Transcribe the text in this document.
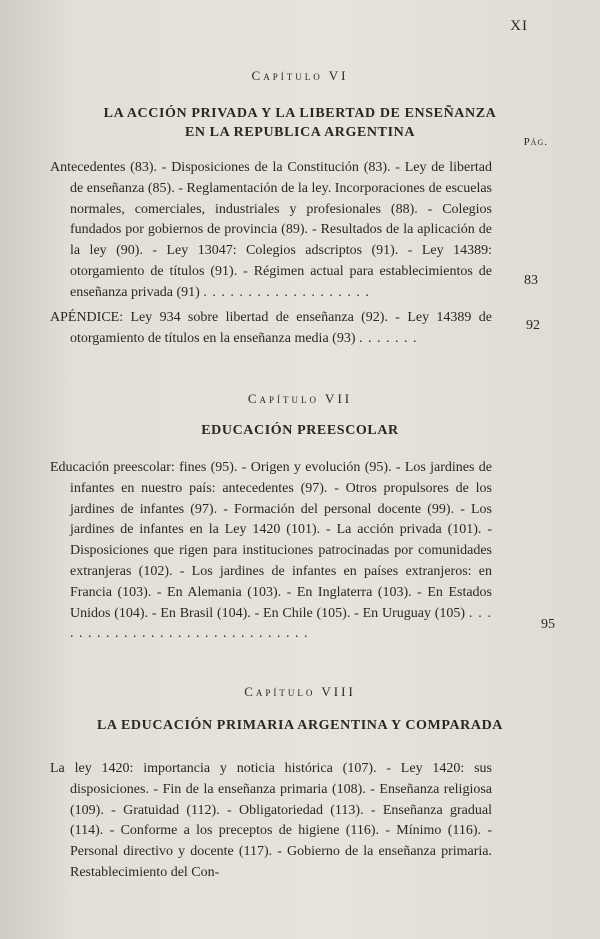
XI
Capítulo VI
LA ACCIÓN PRIVADA Y LA LIBERTAD DE ENSEÑANZA
EN LA REPUBLICA ARGENTINA
Pág.
Antecedentes (83). - Disposiciones de la Constitución (83). - Ley de libertad de enseñanza (85). - Reglamentación de la ley. Incorporaciones de escuelas normales, comerciales, industriales y profesionales (88). - Colegios fundados por gobiernos de provincia (89). - Resultados de la aplicación de la ley (90). - Ley 13047: Colegios adscriptos (91). - Ley 14389: otorgamiento de títulos (91). - Régimen actual para establecimientos de enseñanza privada (91) . . . . . . . . . . . . . . . . . . .
83
APÉNDICE: Ley 934 sobre libertad de enseñanza (92). - Ley 14389 de otorgamiento de títulos en la enseñanza media (93) . . . . . . .
92
Capítulo VII
EDUCACIÓN PREESCOLAR
Educación preescolar: fines (95). - Origen y evolución (95). - Los jardines de infantes en nuestro país: antecedentes (97). - Otros propulsores de los jardines de infantes (97). - Formación del personal docente (99). - Los jardines de infantes en la Ley 1420 (101). - La acción privada (101). - Disposiciones que rigen para instituciones patrocinadas por comunidades extranjeras (102). - Los jardines de infantes en países extranjeros: en Francia (103). - En Alemania (103). - En Inglaterra (103). - En Estados Unidos (104). - En Brasil (104). - En Chile (105). - En Uruguay (105) . . . . . . . . . . . . . . . . . . . . . . . . . . . . . .
95
Capítulo VIII
LA EDUCACIÓN PRIMARIA ARGENTINA Y COMPARADA
La ley 1420: importancia y noticia histórica (107). - Ley 1420: sus disposiciones. - Fin de la enseñanza primaria (108). - Enseñanza religiosa (109). - Gratuidad (112). - Obligatoriedad (113). - Enseñanza gradual (114). - Conforme a los preceptos de higiene (116). - Mínimo (116). - Personal directivo y docente (117). - Gobierno de la enseñanza primaria. Restablecimiento del Con-
